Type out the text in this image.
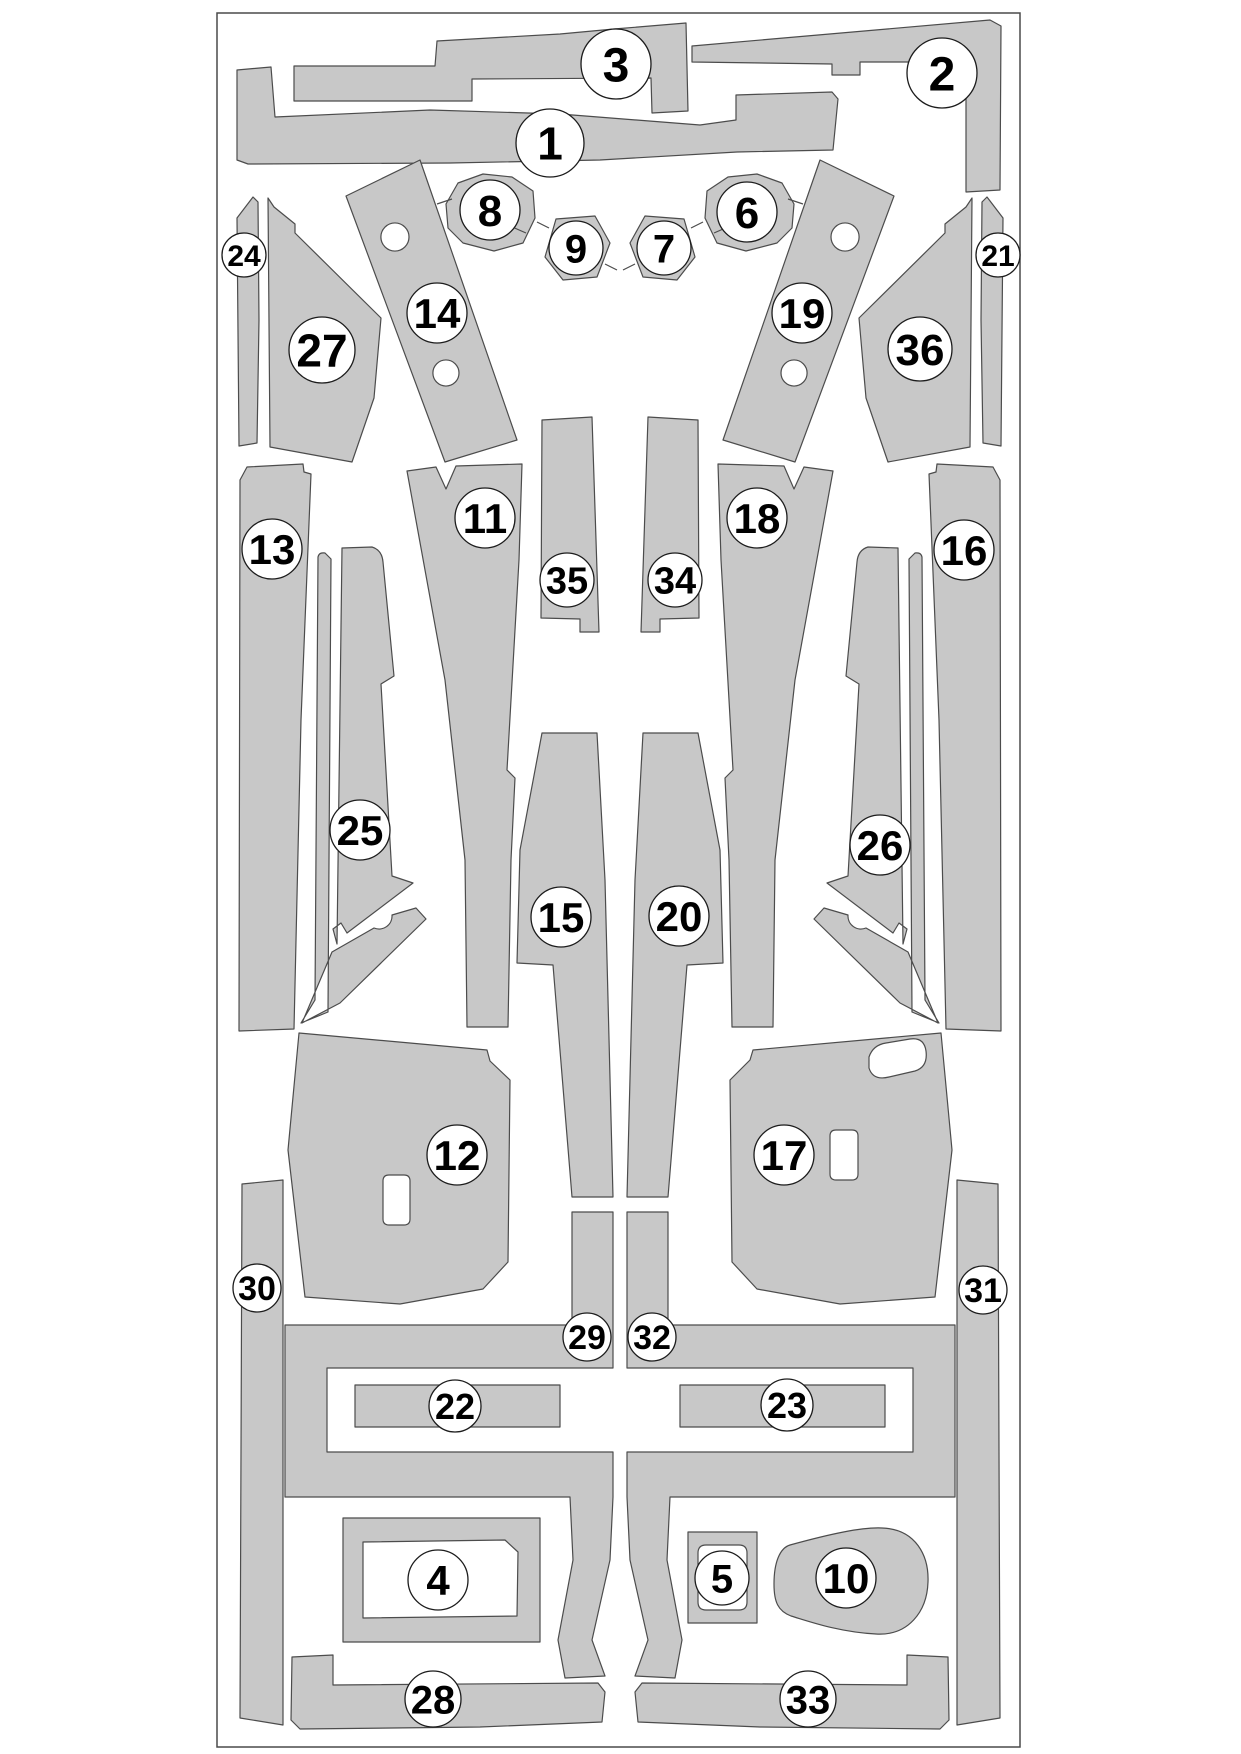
1
2
3
4	5
6
7
8
9
10
11
12
13
14
15
16
17
18
19
20
21
22	23
24
25	26
27
28
29
30	31
32
33
34
35
36
